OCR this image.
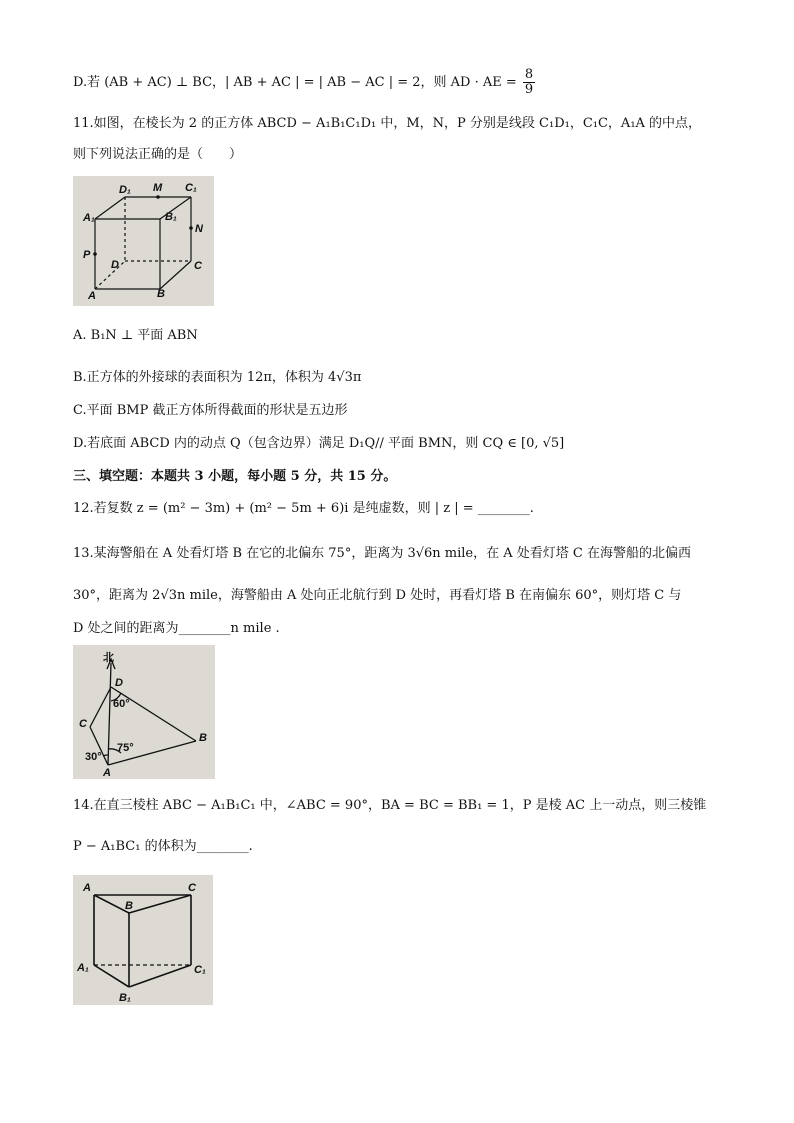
D.若 (AB + AC) ⊥ BC，| AB + AC | = | AB − AC | = 2，则 AD · AE = $\frac{8}{9}$
11.如图，在棱长为 2 的正方体 ABCD − A₁B₁C₁D₁ 中，M，N，P 分别是线段 C₁D₁，C₁C，A₁A 的中点，
则下列说法正确的是（　　）
D₁ M C₁
A₁	B₁
N
P
D	C
A	B
A. B₁N ⊥ 平面 ABN
B.正方体的外接球的表面积为 12π，体积为 4√3π
C.平面 BMP 截正方体所得截面的形状是五边形
D.若底面 ABCD 内的动点 Q（包含边界）满足 D₁Q// 平面 BMN，则 CQ ∈ [0, √5]
三、填空题：本题共 3 小题，每小题 5 分，共 15 分。
12.若复数 z = (m² − 3m) + (m² − 5m + 6)i 是纯虚数，则 | z | = ________.
13.某海警船在 A 处看灯塔 B 在它的北偏东 75°，距离为 3√6n mile，在 A 处看灯塔 C 在海警船的北偏西
30°，距离为 2√3n mile，海警船由 A 处向正北航行到 D 处时，再看灯塔 B 在南偏东 60°，则灯塔 C 与
D 处之间的距离为________n mile .
北
D
60°
C
75°
30°
B
A
14.在直三棱柱 ABC − A₁B₁C₁ 中，∠ABC = 90°，BA = BC = BB₁ = 1，P 是棱 AC 上一动点，则三棱锥
P − A₁BC₁ 的体积为________.
A
B
C
A₁	C₁
B₁
